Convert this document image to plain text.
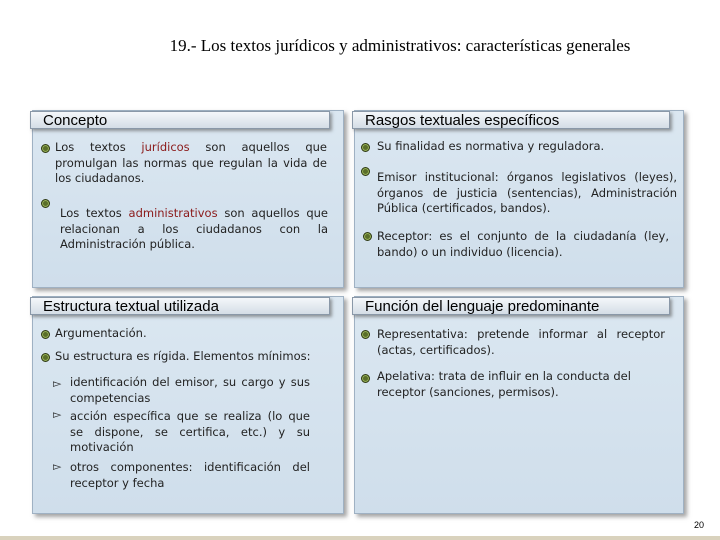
19.- Los textos jurídicos y administrativos: características generales
Concepto
Los textos jurídicos son aquellos que promulgan las normas que regulan la vida de los ciudadanos.
Los textos administrativos son aquellos que relacionan a los ciudadanos con la Administración pública.
Rasgos textuales específicos
Su finalidad es normativa y reguladora.
Emisor institucional: órganos legislativos (leyes), órganos de justicia (sentencias), Administración Pública (certificados, bandos).
Receptor: es el conjunto de la ciudadanía (ley, bando) o un individuo (licencia).
Estructura textual utilizada
Argumentación.
Su estructura es rígida. Elementos mínimos:
▻ identificación del emisor, su cargo y sus competencias
▻ acción específica que se realiza (lo que se dispone, se certifica, etc.) y su motivación
▻ otros componentes: identificación del receptor y fecha
Función del lenguaje predominante
Representativa: pretende informar al receptor (actas, certificados).
Apelativa: trata de influir en la conducta del receptor (sanciones, permisos).
20
